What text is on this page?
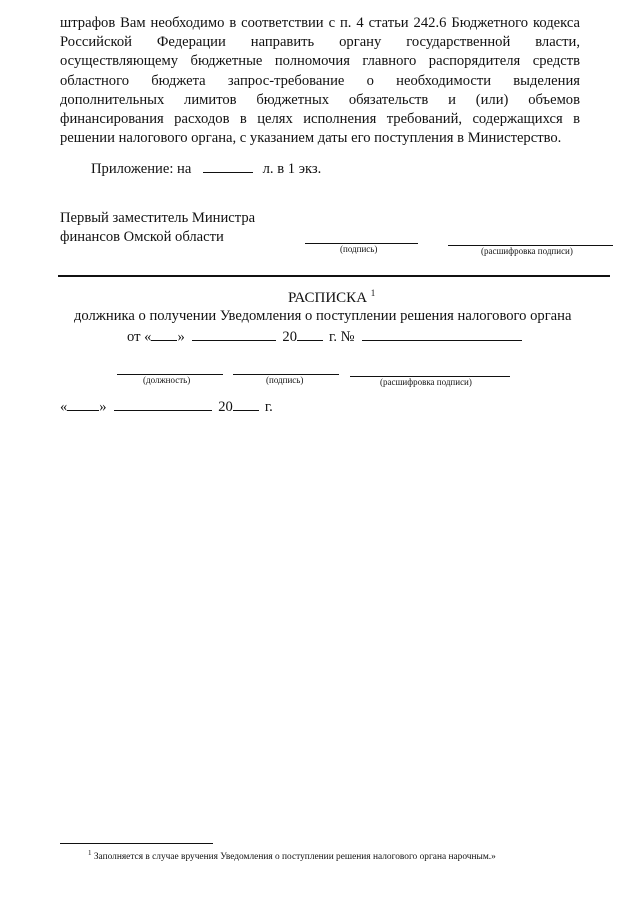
штрафов Вам необходимо в соответствии с п. 4 статьи 242.6 Бюджетного кодекса
Российской Федерации направить органу государственной власти,
осуществляющему бюджетные полномочия главного распорядителя средств
областного бюджета запрос-требование о необходимости выделения
дополнительных лимитов бюджетных обязательств и (или) объемов
финансирования расходов в целях исполнения требований, содержащихся в
решении налогового органа, с указанием даты его поступления в Министерство.
Приложение: на	л. в 1 экз.
Первый заместитель Министра
финансов Омской области
(подпись)	(расшифровка подписи)
РАСПИСКА $^1$
должника о получении Уведомления о поступлении решения налогового органа
от « »	20 г. №
(должность)	(подпись)	(расшифровка подписи)
« »	20 г.
$^1$ Заполняется в случае вручения Уведомления о поступлении решения налогового органа нарочным.»
